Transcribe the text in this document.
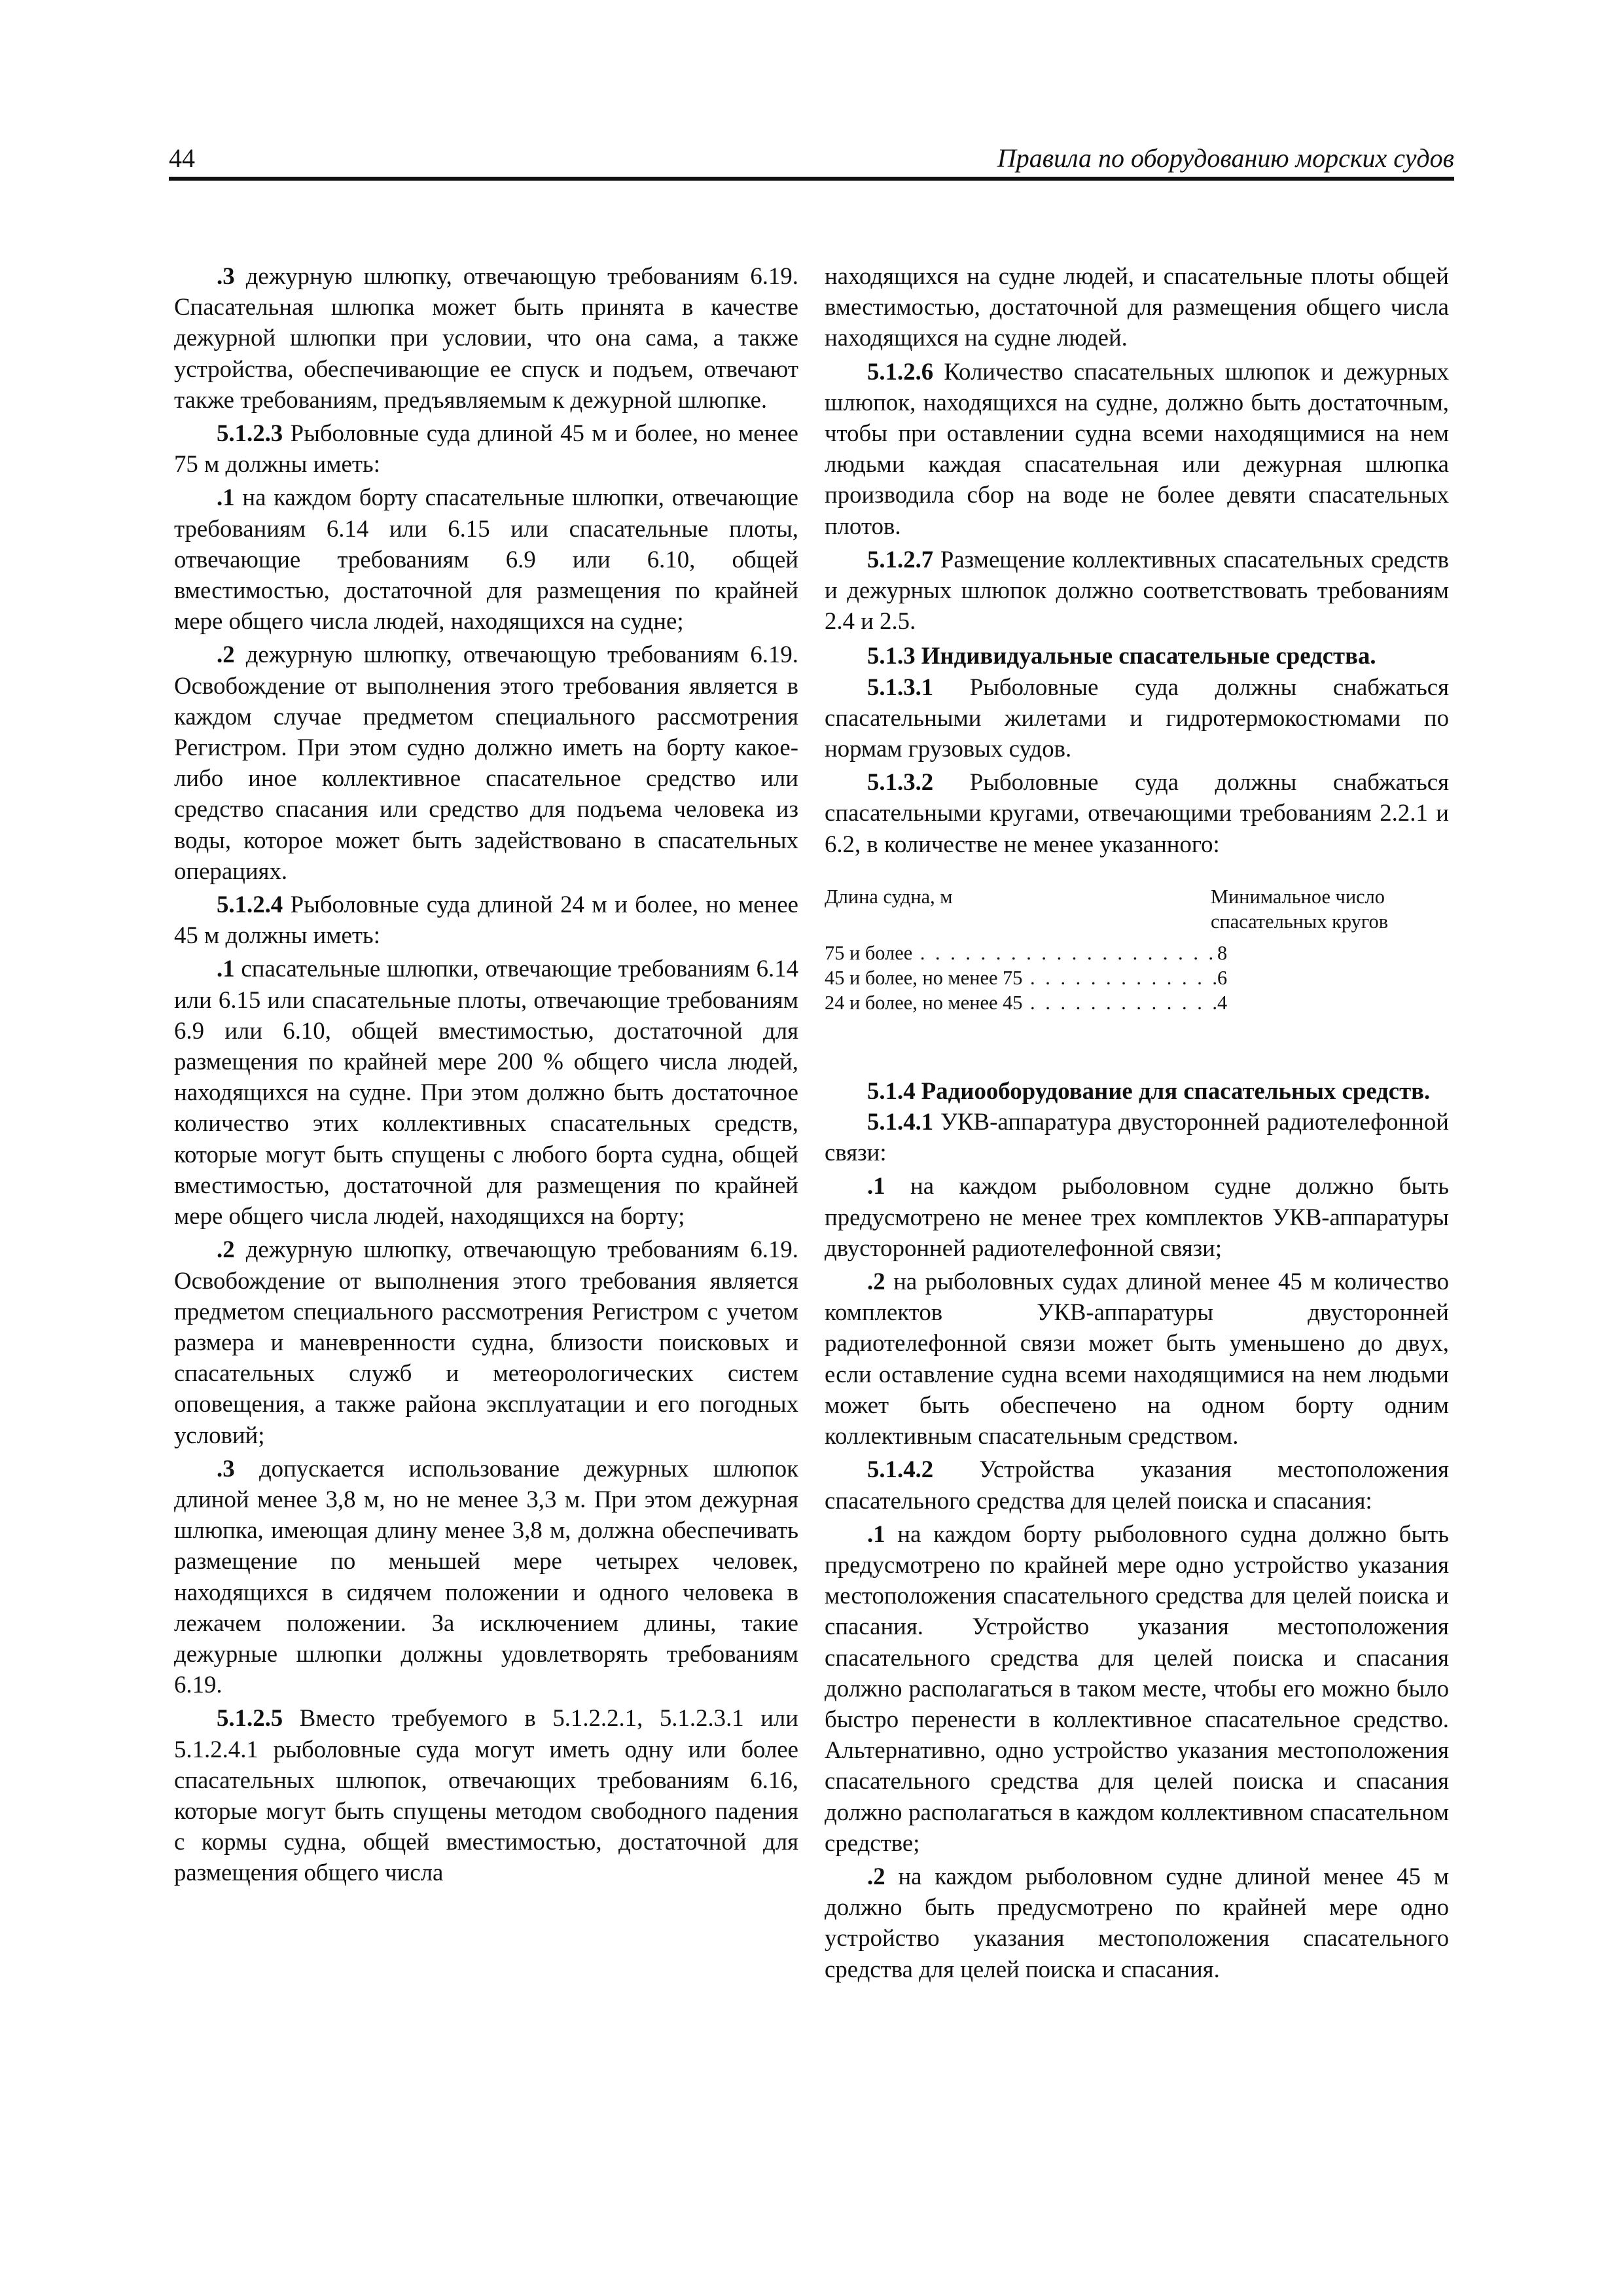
44	Правила по оборудованию морских судов

.3 дежурную шлюпку, отвечающую требованиям 6.19. Спасательная шлюпка может быть принята в качестве дежурной шлюпки при условии, что она сама, а также устройства, обеспечивающие ее спуск и подъем, отвечают также требованиям, предъявляемым к дежурной шлюпке.

5.1.2.3 Рыболовные суда длиной 45 м и более, но менее 75 м должны иметь:

.1 на каждом борту спасательные шлюпки, отвечающие требованиям 6.14 или 6.15 или спасательные плоты, отвечающие требованиям 6.9 или 6.10, общей вместимостью, достаточной для размещения по крайней мере общего числа людей, находящихся на судне;

.2 дежурную шлюпку, отвечающую требованиям 6.19. Освобождение от выполнения этого требования является в каждом случае предметом специального рассмотрения Регистром. При этом судно должно иметь на борту какое-либо иное коллективное спасательное средство или средство спасания или средство для подъема человека из воды, которое может быть задействовано в спасательных операциях.

5.1.2.4 Рыболовные суда длиной 24 м и более, но менее 45 м должны иметь:

.1 спасательные шлюпки, отвечающие требованиям 6.14 или 6.15 или спасательные плоты, отвечающие требованиям 6.9 или 6.10, общей вместимостью, достаточной для размещения по крайней мере 200 % общего числа людей, находящихся на судне. При этом должно быть достаточное количество этих коллективных спасательных средств, которые могут быть спущены с любого борта судна, общей вместимостью, достаточной для размещения по крайней мере общего числа людей, находящихся на борту;

.2 дежурную шлюпку, отвечающую требованиям 6.19. Освобождение от выполнения этого требования является предметом специального рассмотрения Регистром с учетом размера и маневренности судна, близости поисковых и спасательных служб и метеорологических систем оповещения, а также района эксплуатации и его погодных условий;

.3 допускается использование дежурных шлюпок длиной менее 3,8 м, но не менее 3,3 м. При этом дежурная шлюпка, имеющая длину менее 3,8 м, должна обеспечивать размещение по меньшей мере четырех человек, находящихся в сидячем положении и одного человека в лежачем положении. За исключением длины, такие дежурные шлюпки должны удовлетворять требованиям 6.19.

5.1.2.5 Вместо требуемого в 5.1.2.2.1, 5.1.2.3.1 или 5.1.2.4.1 рыболовные суда могут иметь одну или более спасательных шлюпок, отвечающих требованиям 6.16, которые могут быть спущены методом свободного падения с кормы судна, общей вместимостью, достаточной для размещения общего числа

находящихся на судне людей, и спасательные плоты общей вместимостью, достаточной для размещения общего числа находящихся на судне людей.

5.1.2.6 Количество спасательных шлюпок и дежурных шлюпок, находящихся на судне, должно быть достаточным, чтобы при оставлении судна всеми находящимися на нем людьми каждая спасательная или дежурная шлюпка производила сбор на воде не более девяти спасательных плотов.

5.1.2.7 Размещение коллективных спасательных средств и дежурных шлюпок должно соответствовать требованиям 2.4 и 2.5.

5.1.3 Индивидуальные спасательные средства.

5.1.3.1 Рыболовные суда должны снабжаться спасательными жилетами и гидротермокостюмами по нормам грузовых судов.

5.1.3.2 Рыболовные суда должны снабжаться спасательными кругами, отвечающими требованиям 2.2.1 и 6.2, в количестве не менее указанного:

Длина судна, м	Минимальное число спасательных кругов
75 и более . . .	8
45 и более, но менее 75 . . .	6
24 и более, но менее 45 . . .	4

5.1.4 Радиооборудование для спасательных средств.

5.1.4.1 УКВ-аппаратура двусторонней радиотелефонной связи:

.1 на каждом рыболовном судне должно быть предусмотрено не менее трех комплектов УКВ-аппаратуры двусторонней радиотелефонной связи;

.2 на рыболовных судах длиной менее 45 м количество комплектов УКВ-аппаратуры двусторонней радиотелефонной связи может быть уменьшено до двух, если оставление судна всеми находящимися на нем людьми может быть обеспечено на одном борту одним коллективным спасательным средством.

5.1.4.2 Устройства указания местоположения спасательного средства для целей поиска и спасания:

.1 на каждом борту рыболовного судна должно быть предусмотрено по крайней мере одно устройство указания местоположения спасательного средства для целей поиска и спасания. Устройство указания местоположения спасательного средства для целей поиска и спасания должно располагаться в таком месте, чтобы его можно было быстро перенести в коллективное спасательное средство. Альтернативно, одно устройство указания местоположения спасательного средства для целей поиска и спасания должно располагаться в каждом коллективном спасательном средстве;

.2 на каждом рыболовном судне длиной менее 45 м должно быть предусмотрено по крайней мере одно устройство указания местоположения спасательного средства для целей поиска и спасания.
